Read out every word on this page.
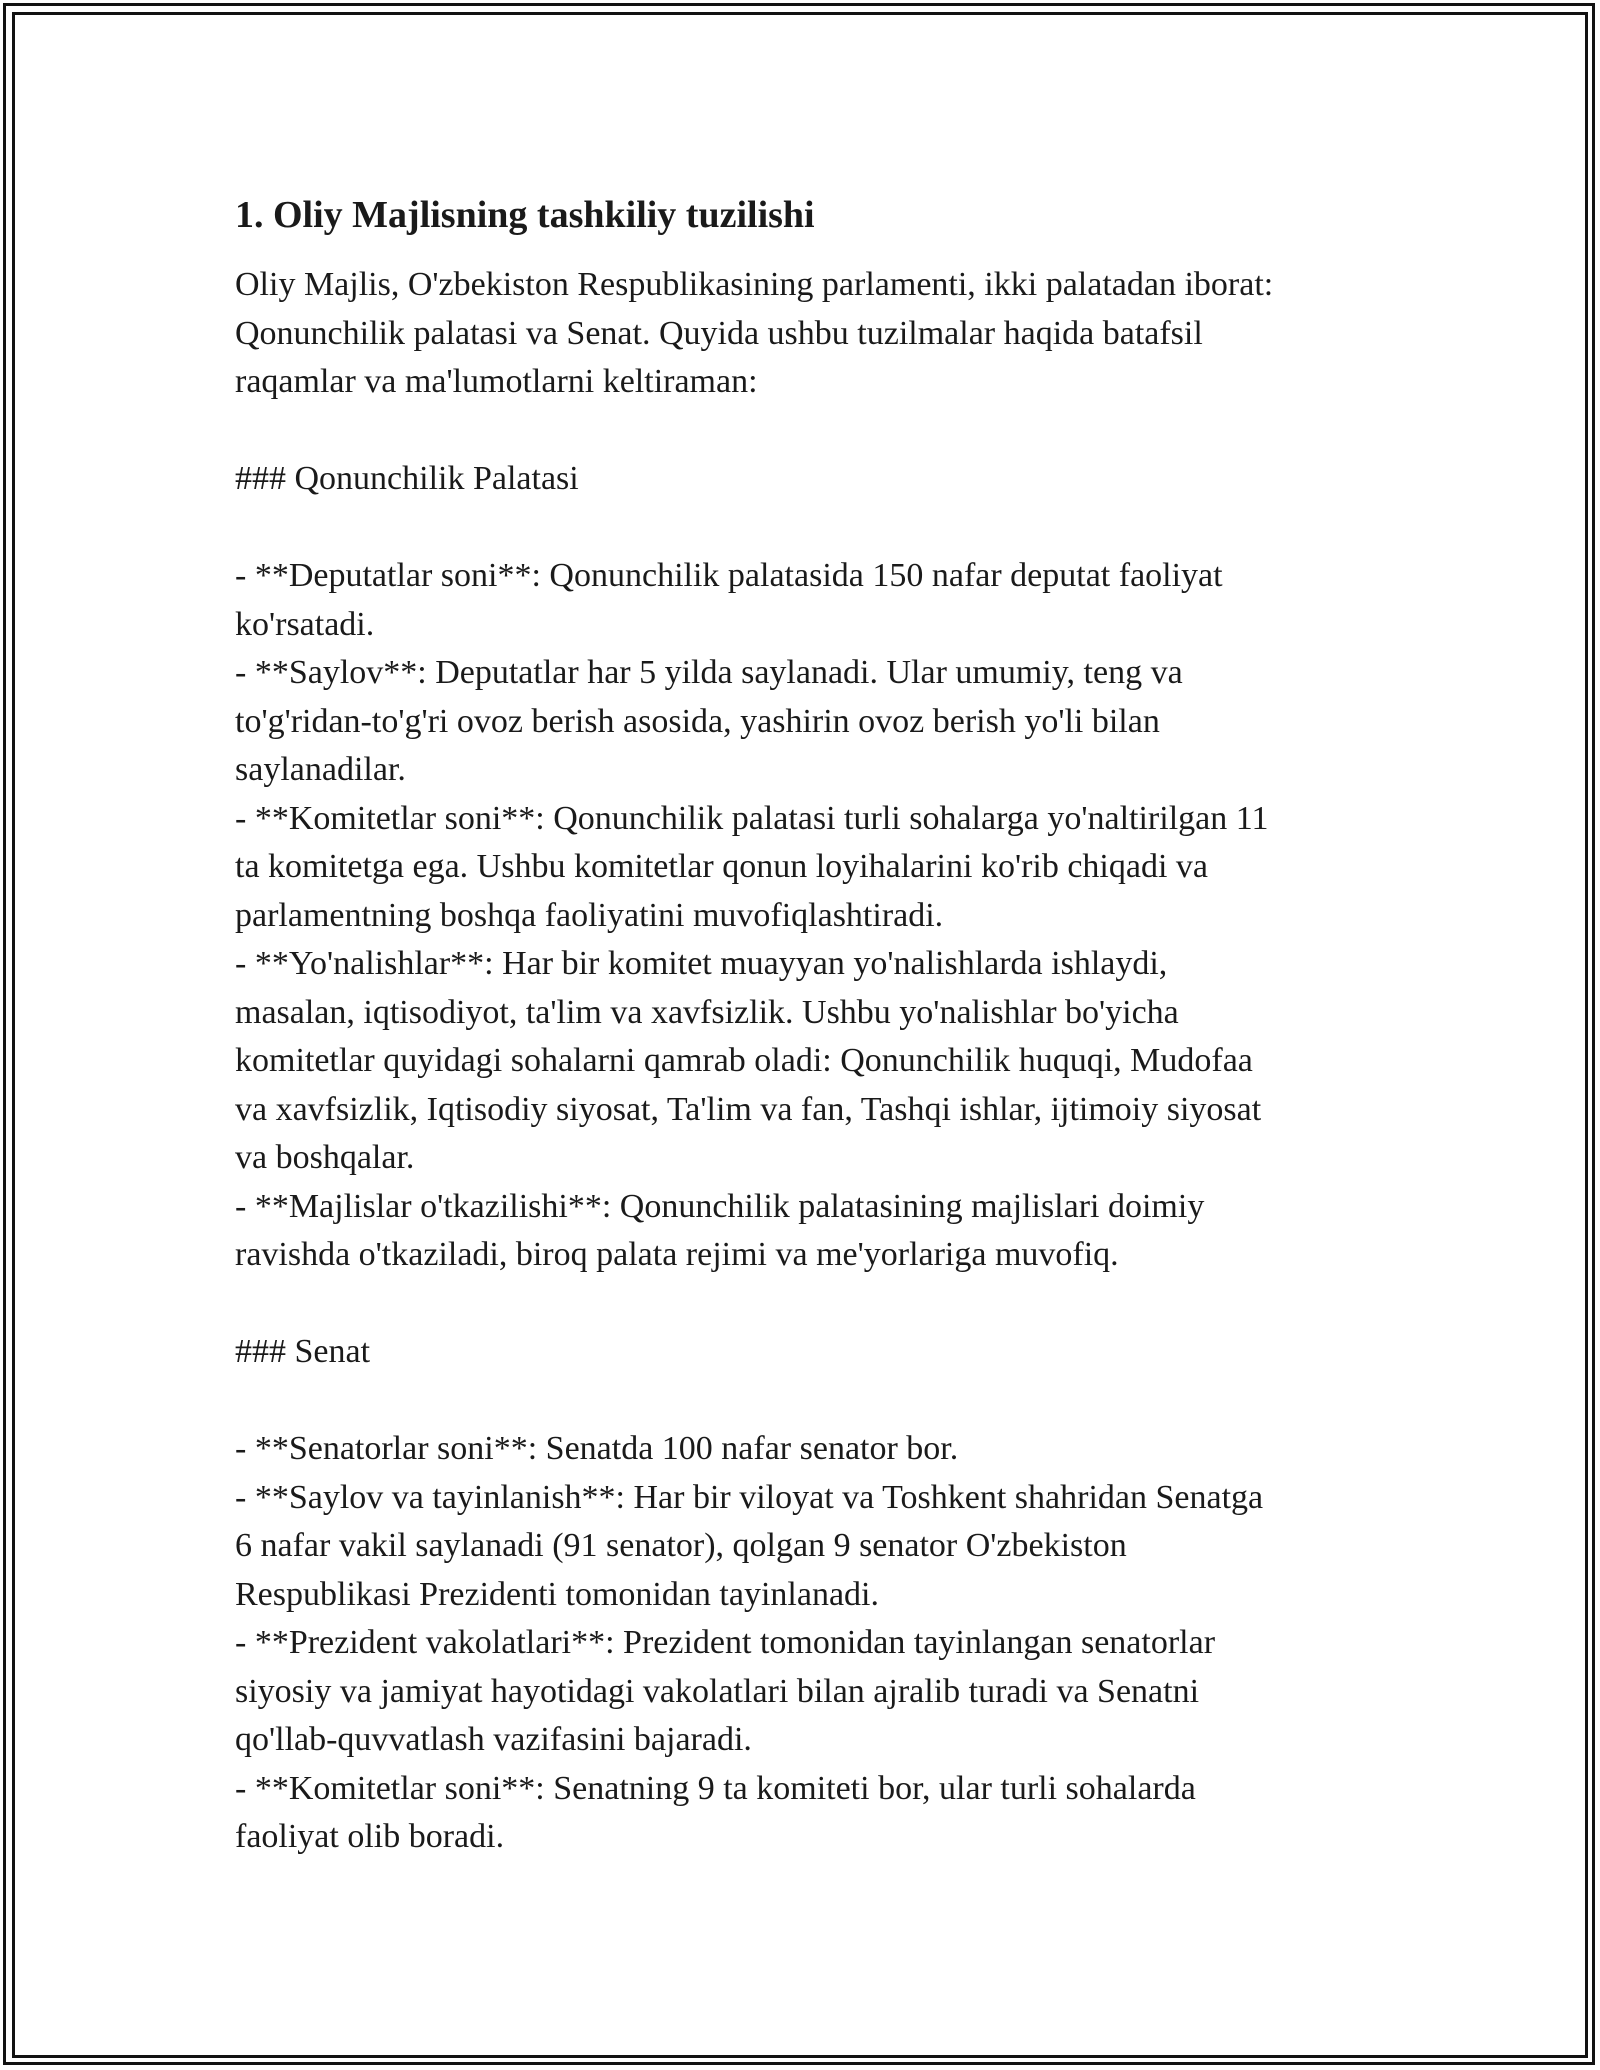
1. Oliy Majlisning tashkiliy tuzilishi

Oliy Majlis, O'zbekiston Respublikasining parlamenti, ikki palatadan iborat:
Qonunchilik palatasi va Senat. Quyida ushbu tuzilmalar haqida batafsil
raqamlar va ma'lumotlarni keltiraman:

### Qonunchilik Palatasi

- **Deputatlar soni**: Qonunchilik palatasida 150 nafar deputat faoliyat
ko'rsatadi.

- **Saylov**: Deputatlar har 5 yilda saylanadi. Ular umumiy, teng va
to'g'ridan-to'g'ri ovoz berish asosida, yashirin ovoz berish yo'li bilan
saylanadilar.

- **Komitetlar soni**: Qonunchilik palatasi turli sohalarga yo'naltirilgan 11
ta komitetga ega. Ushbu komitetlar qonun loyihalarini ko'rib chiqadi va
parlamentning boshqa faoliyatini muvofiqlashtiradi.

- **Yo'nalishlar**: Har bir komitet muayyan yo'nalishlarda ishlaydi,
masalan, iqtisodiyot, ta'lim va xavfsizlik. Ushbu yo'nalishlar bo'yicha
komitetlar quyidagi sohalarni qamrab oladi: Qonunchilik huquqi, Mudofaa
va xavfsizlik, Iqtisodiy siyosat, Ta'lim va fan, Tashqi ishlar, ijtimoiy siyosat
va boshqalar.

- **Majlislar o'tkazilishi**: Qonunchilik palatasining majlislari doimiy
ravishda o'tkaziladi, biroq palata rejimi va me'yorlariga muvofiq.

### Senat

- **Senatorlar soni**: Senatda 100 nafar senator bor.

- **Saylov va tayinlanish**: Har bir viloyat va Toshkent shahridan Senatga
6 nafar vakil saylanadi (91 senator), qolgan 9 senator O'zbekiston
Respublikasi Prezidenti tomonidan tayinlanadi.

- **Prezident vakolatlari**: Prezident tomonidan tayinlangan senatorlar
siyosiy va jamiyat hayotidagi vakolatlari bilan ajralib turadi va Senatni
qo'llab-quvvatlash vazifasini bajaradi.

- **Komitetlar soni**: Senatning 9 ta komiteti bor, ular turli sohalarda
faoliyat olib boradi.
